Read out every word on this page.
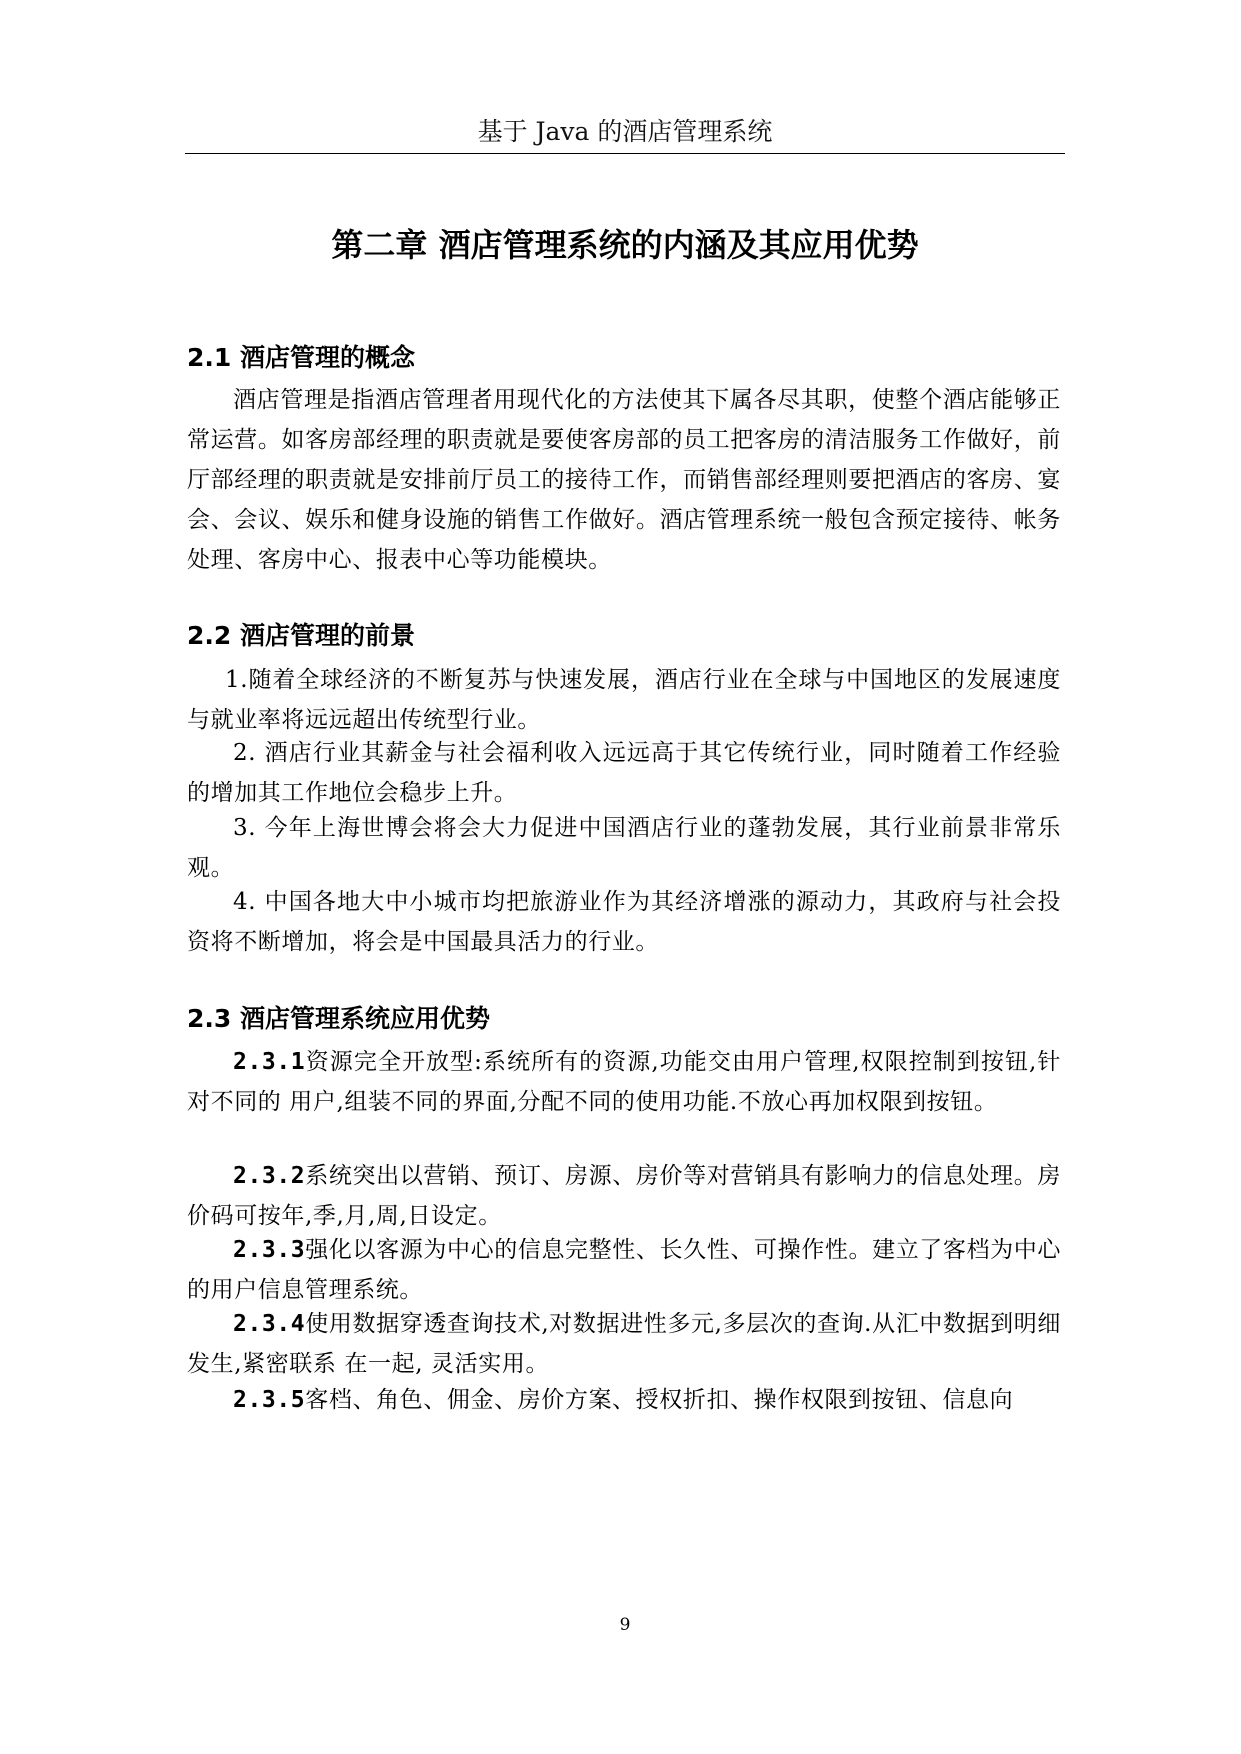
基于 Java 的酒店管理系统
第二章 酒店管理系统的内涵及其应用优势
2.1 酒店管理的概念

酒店管理是指酒店管理者用现代化的方法使其下属各尽其职，使整个酒店能够正常运营。如客房部经理的职责就是要使客房部的员工把客房的清洁服务工作做好，前厅部经理的职责就是安排前厅员工的接待工作，而销售部经理则要把酒店的客房、宴会、会议、娱乐和健身设施的销售工作做好。酒店管理系统一般包含预定接待、帐务处理、客房中心、报表中心等功能模块。

2.2 酒店管理的前景

1.随着全球经济的不断复苏与快速发展，酒店行业在全球与中国地区的发展速度与就业率将远远超出传统型行业。

2. 酒店行业其薪金与社会福利收入远远高于其它传统行业，同时随着工作经验的增加其工作地位会稳步上升。

3. 今年上海世博会将会大力促进中国酒店行业的蓬勃发展，其行业前景非常乐观。

4. 中国各地大中小城市均把旅游业作为其经济增涨的源动力，其政府与社会投资将不断增加，将会是中国最具活力的行业。

2.3 酒店管理系统应用优势

2.3.1资源完全开放型:系统所有的资源,功能交由用户管理,权限控制到按钮,针对不同的 用户,组装不同的界面,分配不同的使用功能.不放心再加权限到按钮。

2.3.2系统突出以营销、预订、房源、房价等对营销具有影响力的信息处理。房价码可按年,季,月,周,日设定。

2.3.3强化以客源为中心的信息完整性、长久性、可操作性。建立了客档为中心的用户信息管理系统。

2.3.4使用数据穿透查询技术,对数据进性多元,多层次的查询.从汇中数据到明细发生,紧密联系 在一起, 灵活实用。

2.3.5客档、角色、佣金、房价方案、授权折扣、操作权限到按钮、信息向

9
